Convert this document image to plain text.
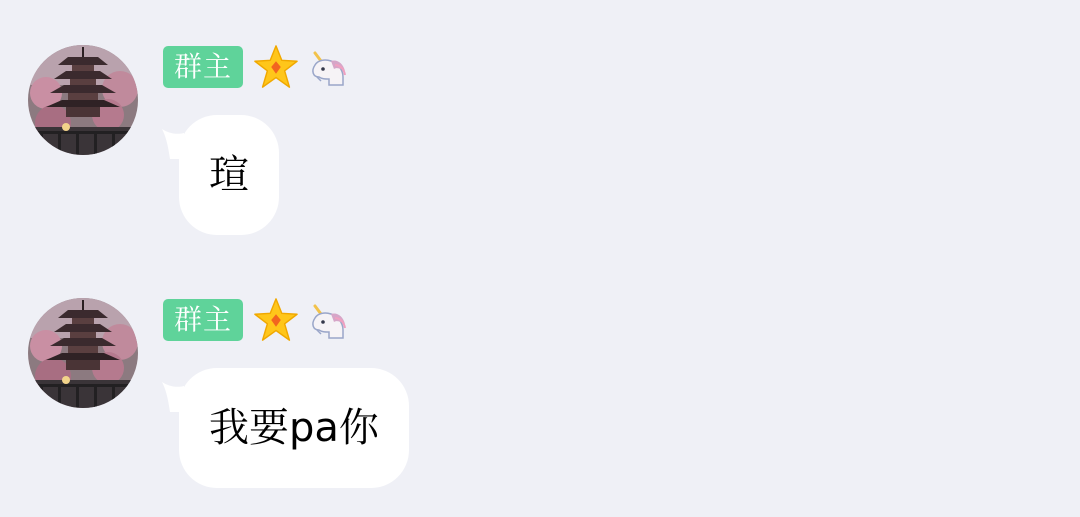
群主
瑄
群主
我要pa你
